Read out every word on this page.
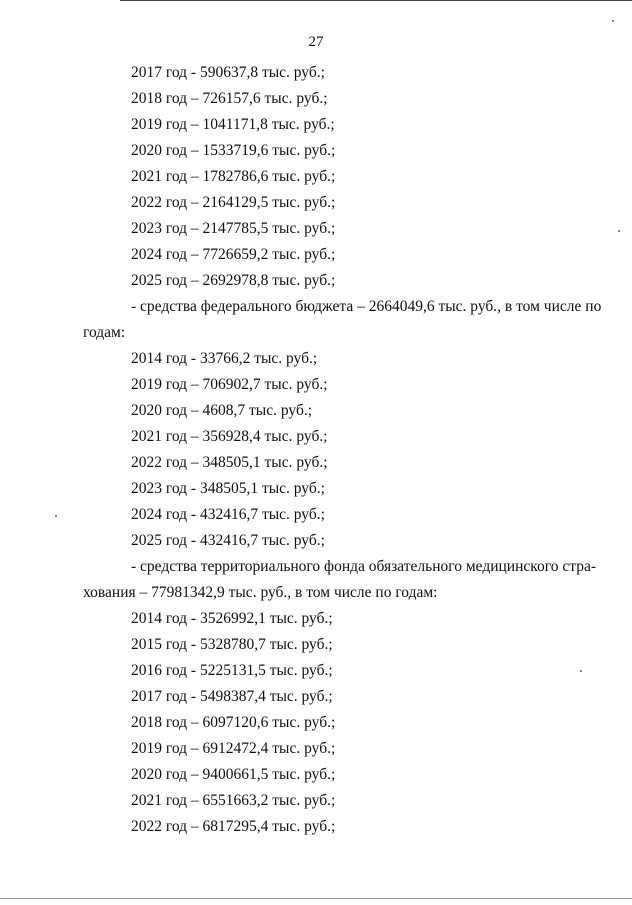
27
2017 год - 590637,8 тыс. руб.;
2018 год – 726157,6 тыс. руб.;
2019 год – 1041171,8 тыс. руб.;
2020 год – 1533719,6 тыс. руб.;
2021 год – 1782786,6 тыс. руб.;
2022 год – 2164129,5 тыс. руб.;
2023 год – 2147785,5 тыс. руб.;
2024 год – 7726659,2 тыс. руб.;
2025 год – 2692978,8 тыс. руб.;
- средства федерального бюджета – 2664049,6 тыс. руб., в том числе по
годам:
2014 год - 33766,2 тыс. руб.;
2019 год – 706902,7 тыс. руб.;
2020 год – 4608,7 тыс. руб.;
2021 год – 356928,4 тыс. руб.;
2022 год – 348505,1 тыс. руб.;
2023 год - 348505,1 тыс. руб.;
2024 год - 432416,7 тыс. руб.;
2025 год - 432416,7 тыс. руб.;
- средства территориального фонда обязательного медицинского стра-
хования – 77981342,9 тыс. руб., в том числе по годам:
2014 год - 3526992,1 тыс. руб.;
2015 год - 5328780,7 тыс. руб.;
2016 год - 5225131,5 тыс. руб.;
2017 год - 5498387,4 тыс. руб.;
2018 год – 6097120,6 тыс. руб.;
2019 год – 6912472,4 тыс. руб.;
2020 год – 9400661,5 тыс. руб.;
2021 год – 6551663,2 тыс. руб.;
2022 год – 6817295,4 тыс. руб.;
